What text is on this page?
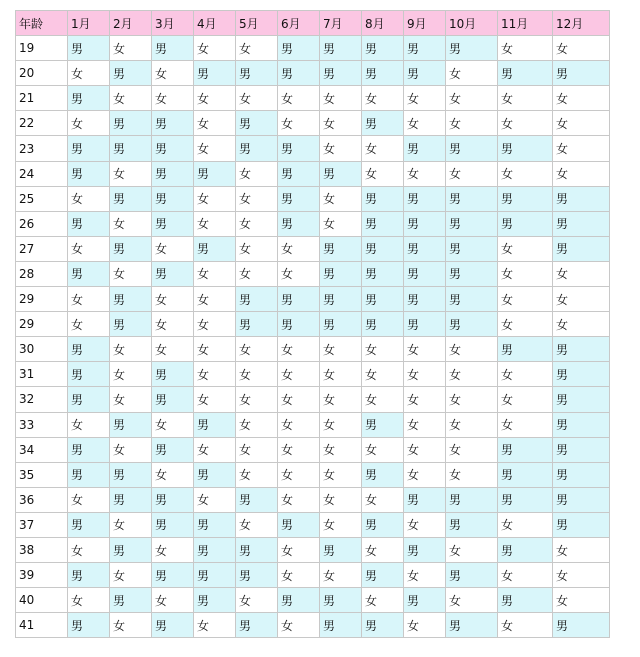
年龄	1月	2月	3月	4月	5月	6月	7月	8月	9月	10月	11月	12月
19	男	女	男	女	女	男	男	男	男	男	女	女
20	女	男	女	男	男	男	男	男	男	女	男	男
21	男	女	女	女	女	女	女	女	女	女	女	女
22	女	男	男	女	男	女	女	男	女	女	女	女
23	男	男	男	女	男	男	女	女	男	男	男	女
24	男	女	男	男	女	男	男	女	女	女	女	女
25	女	男	男	女	女	男	女	男	男	男	男	男
26	男	女	男	女	女	男	女	男	男	男	男	男
27	女	男	女	男	女	女	男	男	男	男	女	男
28	男	女	男	女	女	女	男	男	男	男	女	女
29	女	男	女	女	男	男	男	男	男	男	女	女
29	女	男	女	女	男	男	男	男	男	男	女	女
30	男	女	女	女	女	女	女	女	女	女	男	男
31	男	女	男	女	女	女	女	女	女	女	女	男
32	男	女	男	女	女	女	女	女	女	女	女	男
33	女	男	女	男	女	女	女	男	女	女	女	男
34	男	女	男	女	女	女	女	女	女	女	男	男
35	男	男	女	男	女	女	女	男	女	女	男	男
36	女	男	男	女	男	女	女	女	男	男	男	男
37	男	女	男	男	女	男	女	男	女	男	女	男
38	女	男	女	男	男	女	男	女	男	女	男	女
39	男	女	男	男	男	女	女	男	女	男	女	女
40	女	男	女	男	女	男	男	女	男	女	男	女
41	男	女	男	女	男	女	男	男	女	男	女	男
